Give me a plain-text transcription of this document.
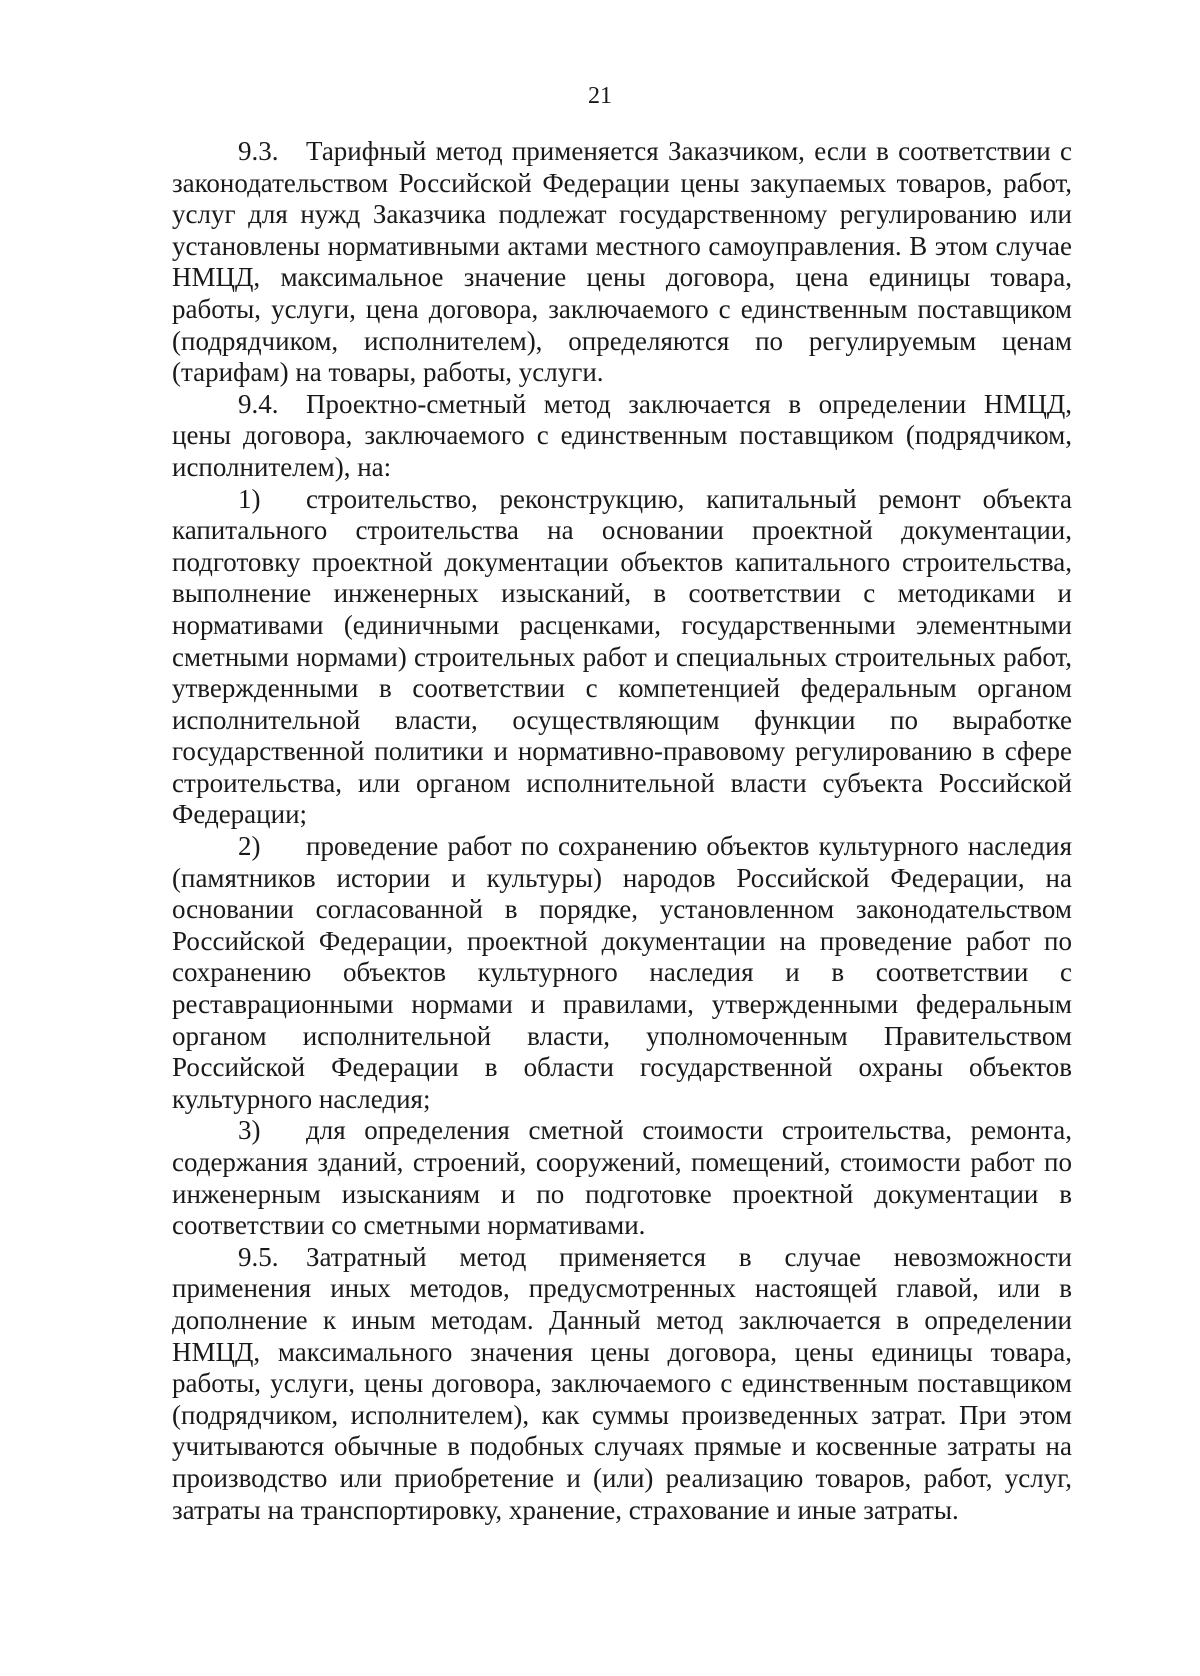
21

9.3. Тарифный метод применяется Заказчиком, если в соответствии с законодательством Российской Федерации цены закупаемых товаров, работ, услуг для нужд Заказчика подлежат государственному регулированию или установлены нормативными актами местного самоуправления. В этом случае НМЦД, максимальное значение цены договора, цена единицы товара, работы, услуги, цена договора, заключаемого с единственным поставщиком (подрядчиком, исполнителем), определяются по регулируемым ценам (тарифам) на товары, работы, услуги.

9.4. Проектно-сметный метод заключается в определении НМЦД, цены договора, заключаемого с единственным поставщиком (подрядчиком, исполнителем), на:

1) строительство, реконструкцию, капитальный ремонт объекта капитального строительства на основании проектной документации, подготовку проектной документации объектов капитального строительства, выполнение инженерных изысканий, в соответствии с методиками и нормативами (единичными расценками, государственными элементными сметными нормами) строительных работ и специальных строительных работ, утвержденными в соответствии с компетенцией федеральным органом исполнительной власти, осуществляющим функции по выработке государственной политики и нормативно-правовому регулированию в сфере строительства, или органом исполнительной власти субъекта Российской Федерации;

2) проведение работ по сохранению объектов культурного наследия (памятников истории и культуры) народов Российской Федерации, на основании согласованной в порядке, установленном законодательством Российской Федерации, проектной документации на проведение работ по сохранению объектов культурного наследия и в соответствии с реставрационными нормами и правилами, утвержденными федеральным органом исполнительной власти, уполномоченным Правительством Российской Федерации в области государственной охраны объектов культурного наследия;

3) для определения сметной стоимости строительства, ремонта, содержания зданий, строений, сооружений, помещений, стоимости работ по инженерным изысканиям и по подготовке проектной документации в соответствии со сметными нормативами.

9.5. Затратный метод применяется в случае невозможности применения иных методов, предусмотренных настоящей главой, или в дополнение к иным методам. Данный метод заключается в определении НМЦД, максимального значения цены договора, цены единицы товара, работы, услуги, цены договора, заключаемого с единственным поставщиком (подрядчиком, исполнителем), как суммы произведенных затрат. При этом учитываются обычные в подобных случаях прямые и косвенные затраты на производство или приобретение и (или) реализацию товаров, работ, услуг, затраты на транспортировку, хранение, страхование и иные затраты.
